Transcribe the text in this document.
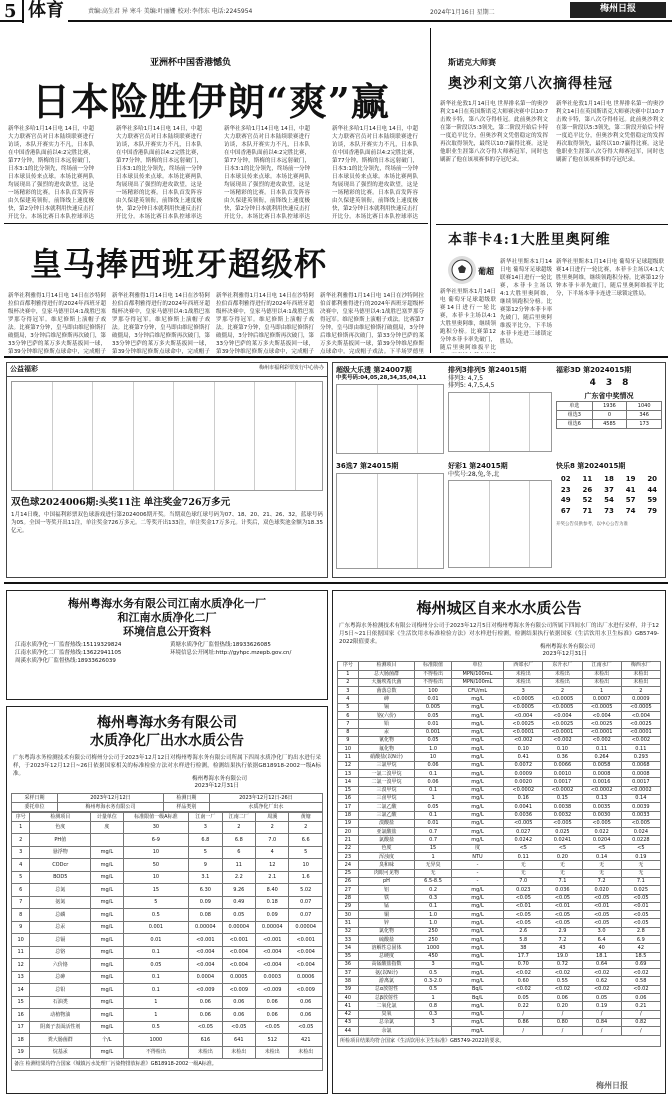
5 体育	责编:高生君 异 寒斗 美编:叶丽姗 校对:李伟东 电话:2245954	2024年1月16日 星期二	梅州日报
亚洲杯中国香港憾负
日本险胜伊朗“爽”赢
新华社多哈1月14日电 14日，中超大力联赛官员对日本陆续联赛进行访谈，本队开赛实力不凡，日本队在中国香港队面前以4:2完胜比赛，第77分钟，斯梅的日本远射破门，日本3:1的比分领先，终场前一分钟日本球员传来点球。本场比赛两队均展现出了强烈的进攻欲望，这是一场精彩的比赛。日本队首发阵容由久保建英领衔，前锋线上速度极快，第2分钟日本就利用快速反击打开比分。本场比赛日本队控球率达
新华社多哈1月14日电 14日，中超大力联赛官员对日本陆续联赛进行访谈，本队开赛实力不凡，日本队在中国香港队面前以4:2完胜比赛，第77分钟，斯梅的日本远射破门，日本3:1的比分领先，终场前一分钟日本球员传来点球。本场比赛两队均展现出了强烈的进攻欲望，这是一场精彩的比赛。日本队首发阵容由久保建英领衔，前锋线上速度极快，第2分钟日本就利用快速反击打开比分。本场比赛日本队控球率达
新华社多哈1月14日电 14日，中超大力联赛官员对日本陆续联赛进行访谈，本队开赛实力不凡，日本队在中国香港队面前以4:2完胜比赛，第77分钟，斯梅的日本远射破门，日本3:1的比分领先，终场前一分钟日本球员传来点球。本场比赛两队均展现出了强烈的进攻欲望，这是一场精彩的比赛。日本队首发阵容由久保建英领衔，前锋线上速度极快，第2分钟日本就利用快速反击打开比分。本场比赛日本队控球率达
新华社多哈1月14日电 14日，中超大力联赛官员对日本陆续联赛进行访谈，本队开赛实力不凡，日本队在中国香港队面前以4:2完胜比赛，第77分钟，斯梅的日本远射破门，日本3:1的比分领先，终场前一分钟日本球员传来点球。本场比赛两队均展现出了强烈的进攻欲望，这是一场精彩的比赛。日本队首发阵容由久保建英领衔，前锋线上速度极快，第2分钟日本就利用快速反击打开比分。本场比赛日本队控球率达
斯诺克大师赛
奥沙利文第八次摘得桂冠
新华社伦敦1月14日电 世界排名第一的奥沙利文14日在英国斯诺克大师赛决赛中以10:7击败卡特，第八次夺得桂冠。此前奥沙利文在第一阶段以5:3领先，第二阶段开始后卡特一度追平比分，但奥沙利文凭借稳定的发挥再次取得领先，最终以10:7赢得比赛。这是他职业生涯第八次夺得大师赛冠军，同时也刷新了他在该项赛事的夺冠纪录。
新华社伦敦1月14日电 世界排名第一的奥沙利文14日在英国斯诺克大师赛决赛中以10:7击败卡特，第八次夺得桂冠。此前奥沙利文在第一阶段以5:3领先，第二阶段开始后卡特一度追平比分，但奥沙利文凭借稳定的发挥再次取得领先，最终以10:7赢得比赛。这是他职业生涯第八次夺得大师赛冠军，同时也刷新了他在该项赛事的夺冠纪录。
本菲卡4:1大胜里奥阿维
葡超
新华社里斯本1月14日电 葡萄牙足球超级联赛14日进行一轮比赛，本菲卡主场以4:1大胜里奥阿维，继续领跑积分榜。比赛第12分钟本菲卡率先破门，随后里奥阿维扳平比分，下半场本菲卡连进三球锁定胜局。
新华社里斯本1月14日电 葡萄牙足球超级联赛14日进行一轮比赛，本菲卡主场以4:1大胜里奥阿维，继续领跑积分榜。比赛第12分钟本菲卡率先破门，随后里奥阿维扳平比分，下半场本菲卡连进三球锁定胜局。
新华社里斯本1月14日电 葡萄牙足球超级联赛14日进行一轮比赛，本菲卡主场以4:1大胜里奥阿维，继续领跑积分榜。比赛第12分钟本菲卡率先破门，随后里奥阿维扳平比
皇马捧西班牙超级杯
新华社利雅得1月14日电 14日在沙特阿拉伯首都利雅得进行的2024年西班牙超级杯决赛中，皇家马德里以4:1战胜巴塞罗那夺得冠军。维尼修斯上演帽子戏法。比赛第7分钟，皇马即由维尼修斯打破僵局，3分钟后维尼修斯再次破门，第33分钟巴萨的莱万多夫斯基扳回一球，第39分钟维尼修斯点球命中，完成帽子
新华社利雅得1月14日电 14日在沙特阿拉伯首都利雅得进行的2024年西班牙超级杯决赛中，皇家马德里以4:1战胜巴塞罗那夺得冠军。维尼修斯上演帽子戏法。比赛第7分钟，皇马即由维尼修斯打破僵局，3分钟后维尼修斯再次破门，第33分钟巴萨的莱万多夫斯基扳回一球，第39分钟维尼修斯点球命中，完成帽子
新华社利雅得1月14日电 14日在沙特阿拉伯首都利雅得进行的2024年西班牙超级杯决赛中，皇家马德里以4:1战胜巴塞罗那夺得冠军。维尼修斯上演帽子戏法。比赛第7分钟，皇马即由维尼修斯打破僵局，3分钟后维尼修斯再次破门，第33分钟巴萨的莱万多夫斯基扳回一球，第39分钟维尼修斯点球命中，完成帽子
新华社利雅得1月14日电 14日在沙特阿拉伯首都利雅得进行的2024年西班牙超级杯决赛中，皇家马德里以4:1战胜巴塞罗那夺得冠军。维尼修斯上演帽子戏法。比赛第7分钟，皇马即由维尼修斯打破僵局，3分钟后维尼修斯再次破门，第33分钟巴萨的莱万多夫斯基扳回一球，第39分钟维尼修斯点球命中，完成帽子戏法。下半场罗德里
公益福彩	梅州市福利彩票发行中心协办
双色球2024006期:头奖11注 单注奖金726万多元
1月14日晚，中国福利彩票双色球游戏进行第2024006期开奖。当期双色球红球号码为07、18、20、21、26、32，蓝球号码为05。全国一等奖开出11注，单注奖金726万多元。二等奖开出133注，单注奖金17万多元。计奖后，双色球奖池金额为18.35亿元。
超级大乐透 第24007期
中奖号码:04,05,28,34,35,04,11
排列3排列5 第24015期
排列3: 4,7,5
排列5: 4,7,5,4,5
福彩3D 第2024015期
4 3 8
广东省中奖情况
单选	1936	1040
组选3	0	346
组选6	4585	173
36选7 第24015期	好彩1 第24015期
中奖号:28,兔,冬,北
快乐8 第2024015期
02	11	18	19	20
23	26	37	41	44
49	52	54	57	59
67	71	73	74	79
开奖公告仅供参考，以中心公告为准
梅州粤海水务有限公司江南水质净化一厂
和江南水质净化二厂
环境信息公开资料
江南水质净化一厂监督热线:15119329824	黄塘水质净化厂监督热线:18933626085
江南水质净化二厂监督热线:13622941105	环境信息公开网址:http://gyhpc.mzepb.gov.cn/
周溪水质净化厂监督热线:18933626039
梅州粤海水务有限公司
水质净化厂出水水质公告
广东粤海水务检测技术有限公司梅州分公司于2023年12月12日对梅州粤海水务有限公司所属下四周水质净化厂的出水进行采样，于2023年12月12日~26日依据国家相关的标准检验方法对水样进行检测，检测结果执行依据GB18918-2002一级A标准。
梅州粤海水务有限公司
2023年12月31日
采样日期	2023年12月12日	检测日期	2023年12月12日-26日
委托单位	梅州粤海水务有限公司	样品类别	水质净化厂出水
序号	检测项目	计量单位	标准限值一级A标准	江南一厂	江南二厂	周溪	黄塘
1	色度	度	30	3	2	2	2
2	PH值		6-9	6.8	6.8	7.0	6.6
3	悬浮物	mg/L	10	5	6	4	5
4	CODcr	mg/L	50	9	11	12	10
5	BOD5	mg/L	10	3.1	2.2	2.1	1.6
6	总氮	mg/L	15	6.30	9.26	8.40	5.02
7	氨氮	mg/L	5	0.09	0.49	0.18	0.07
8	总磷	mg/L	0.5	0.08	0.05	0.09	0.07
9	总汞	mg/L	0.001	0.00004	0.00004	0.00004	0.00004
10	总镉	mg/L	0.01	<0.001	<0.001	<0.001	<0.001
11	总铬	mg/L	0.1	<0.004	<0.004	<0.004	<0.004
12	六价铬	mg/L	0.05	<0.004	<0.004	<0.004	<0.004
13	总砷	mg/L	0.1	0.0004	0.0005	0.0003	0.0006
14	总铅	mg/L	0.1	<0.009	<0.009	<0.009	<0.009
15	石油类	mg/L	1	0.06	0.06	0.06	0.06
16	动植物油	mg/L	1	0.06	0.06	0.06	0.06
17	阴离子表面活性剂	mg/L	0.5	<0.05	<0.05	<0.05	<0.05
18	粪大肠菌群	个/L	1000	616	641	512	421
19	烷基汞	mg/L	不得检出	未检出	未检出	未检出	未检出
备注 检测结果均符合国家《城镇污水处理厂污染物排放标准》GB18918-2002一级A标准。
梅州城区自来水水质公告
广东粤海水务检测技术有限公司梅州分公司于2023年12月5日对梅州粤海水务有限公司所属下四间水厂的出厂水进行采样，并于12月5日~21日依据国家《生活饮用水标准检验方法》对水样进行检测，检测结果执行依据国家《生活饮用水卫生标准》GB5749-2022限值要求。
梅州粤海水务有限公司
2023年12月31日
序号	检测项目	标准限值	单位	西郊水厂	东升水厂	江南水厂	梅西水厂
1	总大肠菌群	不得检出	MPN/100mL	未检出	未检出	未检出	未检出
2	大肠埃希氏菌	不得检出	MPN/100mL	未检出	未检出	未检出	未检出
3	菌落总数	100	CFU/mL	3	2	1	2
4	砷	0.01	mg/L	<0.0005	<0.0005	0.0007	0.0009
5	镉	0.005	mg/L	<0.0005	<0.0005	<0.0005	<0.0005
6	铬(六价)	0.05	mg/L	<0.004	<0.004	<0.004	<0.004
7	铅	0.01	mg/L	<0.0025	<0.0025	<0.0025	<0.0025
8	汞	0.001	mg/L	<0.0001	<0.0001	<0.0001	<0.0001
9	氰化物	0.05	mg/L	<0.002	<0.002	<0.002	<0.002
10	氟化物	1.0	mg/L	0.10	0.10	0.11	0.11
11	硝酸盐(以N计)	10	mg/L	0.41	0.36	0.264	0.293
12	三氯甲烷	0.06	mg/L	0.0072	0.0066	0.0058	0.0068
13	一氯二溴甲烷	0.1	mg/L	0.0009	0.0010	0.0008	0.0008
14	二氯一溴甲烷	0.06	mg/L	0.0020	0.0017	0.0016	0.0017
15	三溴甲烷	0.1	mg/L	<0.0002	<0.0002	<0.0002	<0.0002
16	三卤甲烷	1	mg/L	0.16	0.15	0.13	0.14
17	二氯乙酸	0.05	mg/L	0.0041	0.0038	0.0035	0.0039
18	三氯乙酸	0.1	mg/L	0.0036	0.0032	0.0030	0.0033
19	溴酸盐	0.01	mg/L	<0.005	<0.005	<0.005	<0.005
20	亚氯酸盐	0.7	mg/L	0.027	0.025	0.022	0.024
21	氯酸盐	0.7	mg/L	0.0242	0.0241	0.0204	0.0228
22	色度	15	度	<5	<5	<5	<5
23	浑浊度	1	NTU	0.11	0.20	0.14	0.19
24	臭和味	无异臭	-	无	无	无	无
25	肉眼可见物	无	-	无	无	无	无
26	pH	6.5-8.5	-	7.0	7.1	7.2	7.1
27	铝	0.2	mg/L	0.023	0.036	0.020	0.025
28	铁	0.3	mg/L	<0.05	<0.05	<0.05	<0.05
29	锰	0.1	mg/L	<0.01	<0.01	<0.01	<0.01
30	铜	1.0	mg/L	<0.05	<0.05	<0.05	<0.05
31	锌	1.0	mg/L	<0.05	<0.05	<0.05	<0.05
32	氯化物	250	mg/L	2.6	2.9	3.0	2.8
33	硫酸盐	250	mg/L	5.8	7.2	6.4	6.9
34	溶解性总固体	1000	mg/L	38	43	40	42
35	总硬度	450	mg/L	17.7	19.0	18.1	18.5
36	高锰酸盐指数	3	mg/L	0.70	0.72	0.64	0.69
37	氨(以N计)	0.5	mg/L	<0.02	<0.02	<0.02	<0.02
38	游离氯	0.3-2.0	mg/L	0.60	0.55	0.62	0.58
39	总α放射性	0.5	Bq/L	<0.02	<0.02	<0.02	<0.02
40	总β放射性	1	Bq/L	0.05	0.06	0.05	0.06
41	二氧化氯	0.8	mg/L	0.22	0.20	0.19	0.21
42	臭氧	0.3	mg/L	/	/	/	/
43	总余氯	3	mg/L	0.86	0.80	0.84	0.82
44	余氯		mg/L	/	/	/	/
所检项目结果均符合国家《生活饮用水卫生标准》GB5749-2022的要求。
梅州日报
